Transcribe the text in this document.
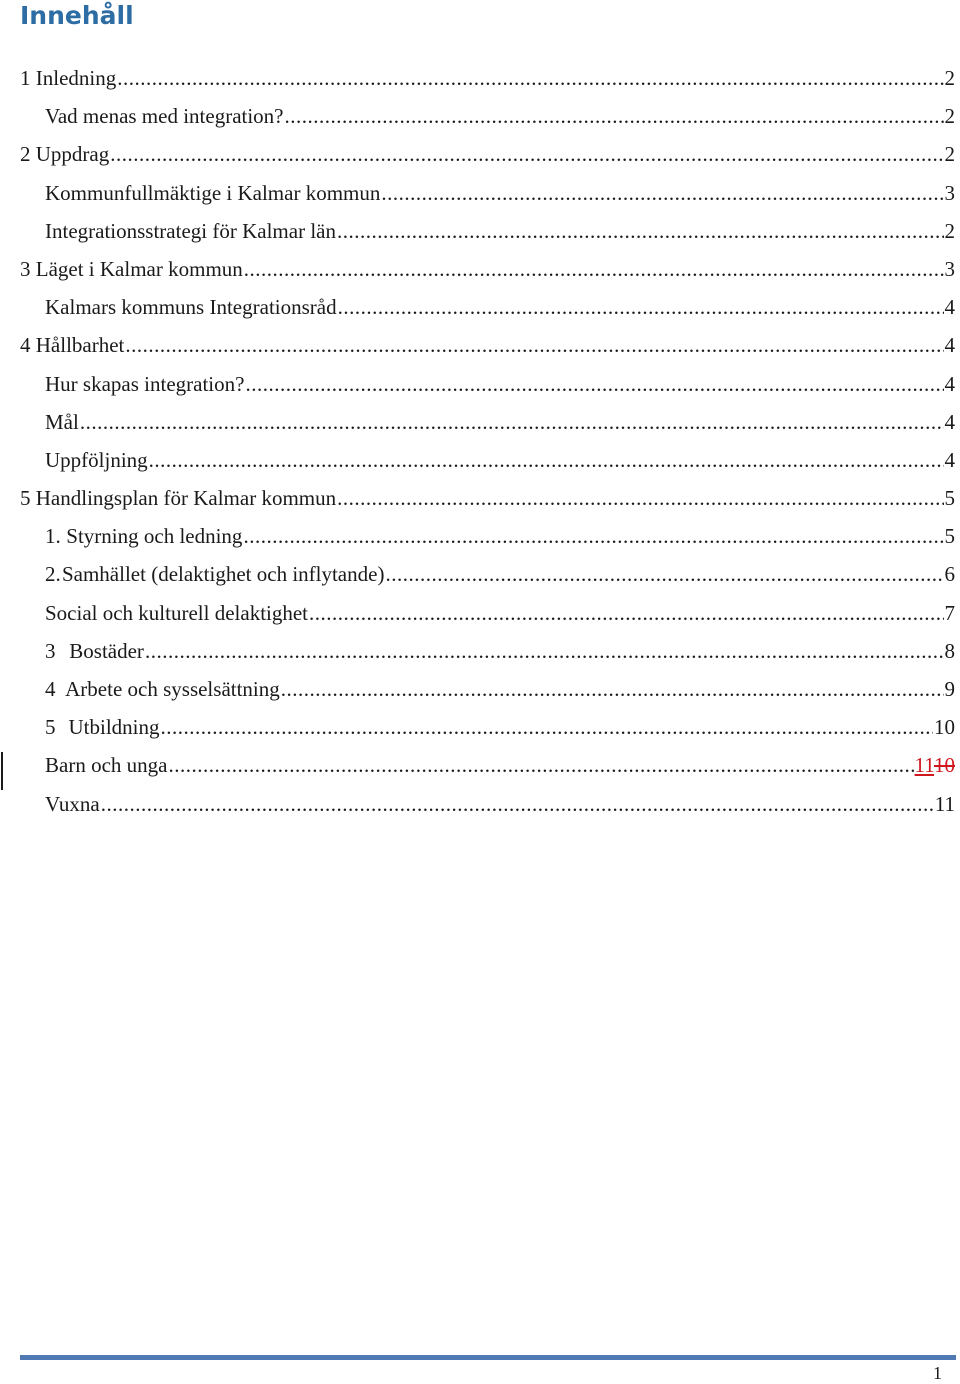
Innehåll
1 Inledning .....	2
Vad menas med integration? .....	2
2 Uppdrag .....	2
Kommunfullmäktige i Kalmar kommun .....	3
Integrationsstrategi för Kalmar län .....	2
3 Läget i Kalmar kommun .....	3
Kalmars kommuns Integrationsråd .....	4
4 Hållbarhet .....	4
Hur skapas integration? .....	4
Mål .....	4
Uppföljning .....	4
5 Handlingsplan för Kalmar kommun .....	5
1. Styrning och ledning .....	5
2. Samhället (delaktighet och inflytande) .....	6
Social och kulturell delaktighet .....	7
3 Bostäder .....	8
4 Arbete och sysselsättning .....	9
5 Utbildning .....	10
Barn och unga .....	1110
Vuxna .....	11
1
